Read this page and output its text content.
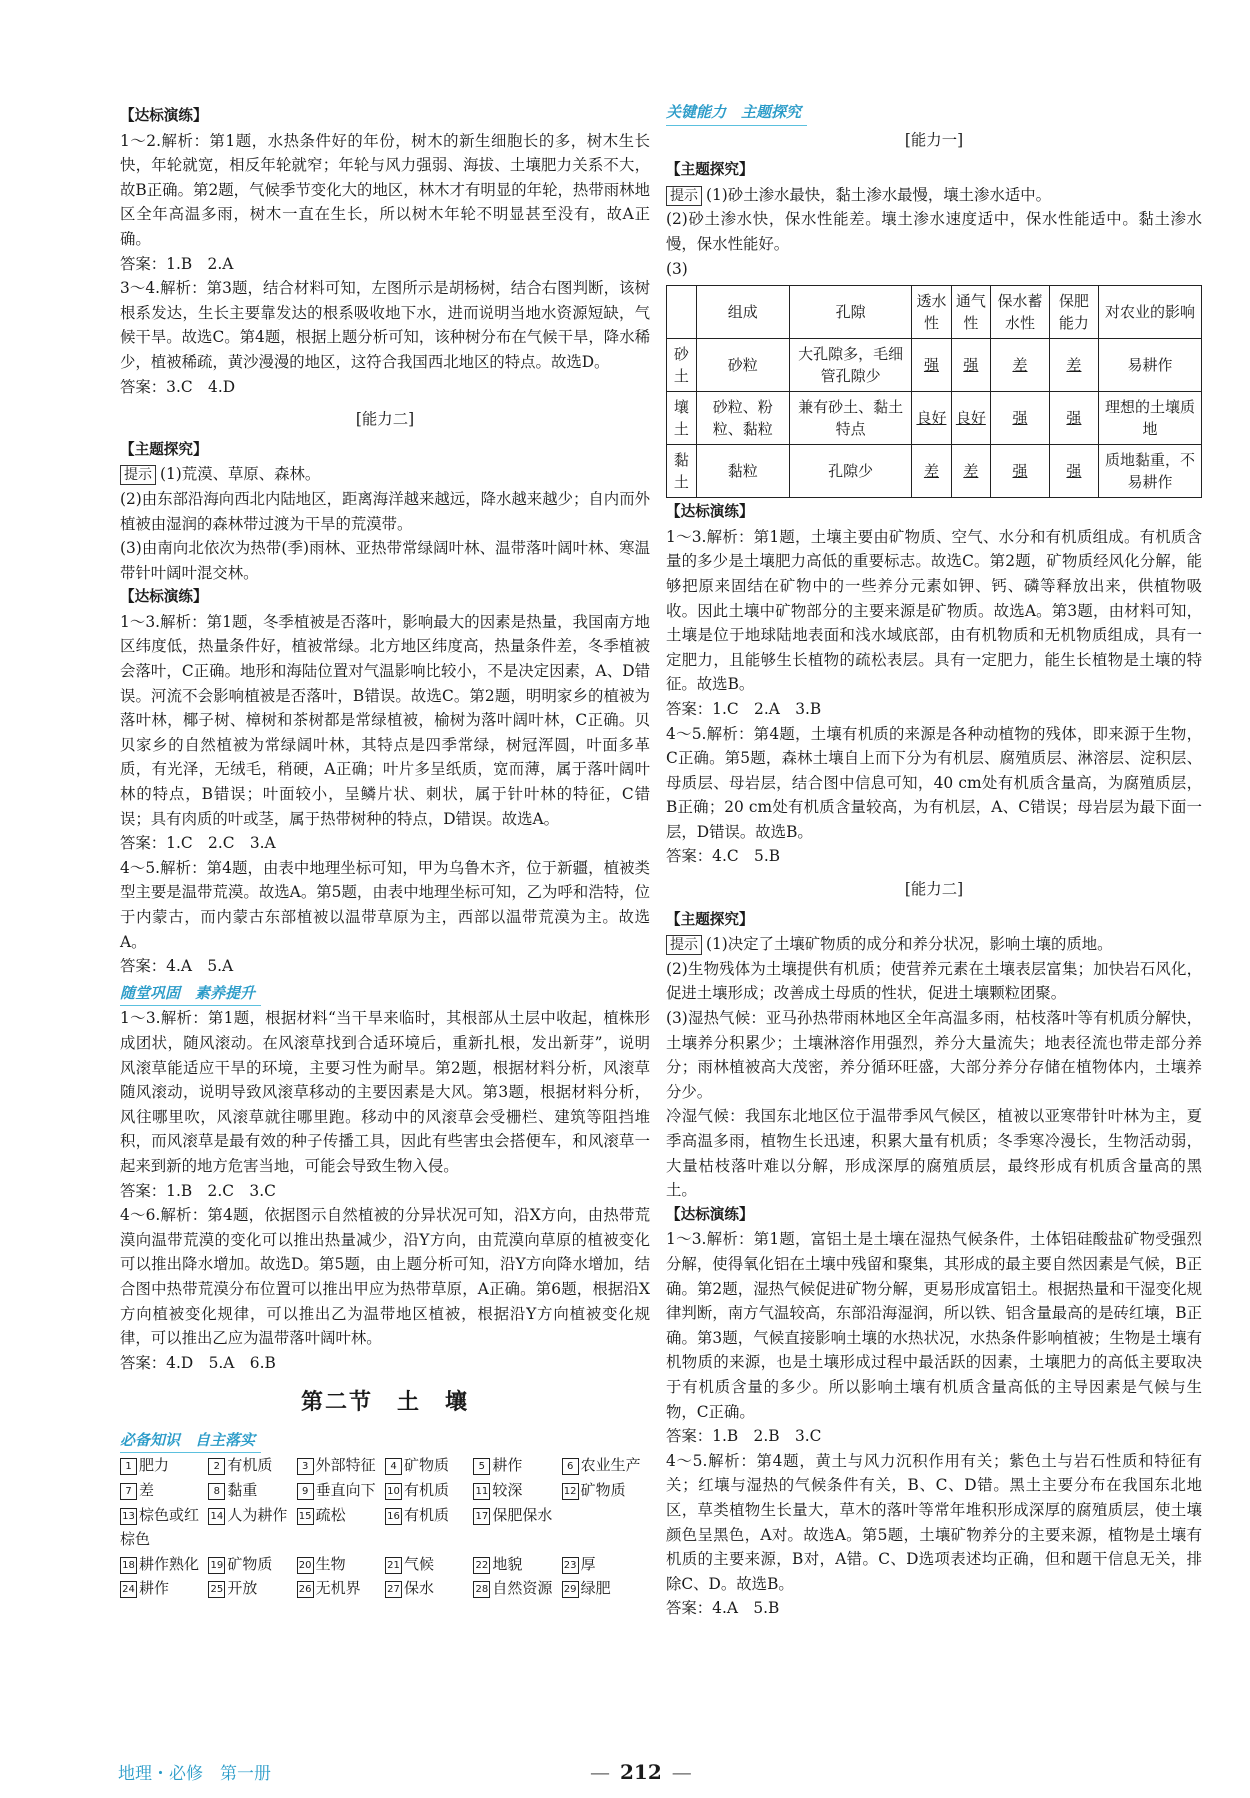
【达标演练】

1～2.解析：第1题，水热条件好的年份，树木的新生细胞长的多，树木生长快，年轮就宽，相反年轮就窄；年轮与风力强弱、海拔、土壤肥力关系不大，故B正确。第2题，气候季节变化大的地区，林木才有明显的年轮，热带雨林地区全年高温多雨，树木一直在生长，所以树木年轮不明显甚至没有，故A正确。

答案：1.B　2.A

3～4.解析：第3题，结合材料可知，左图所示是胡杨树，结合右图判断，该树根系发达，生长主要靠发达的根系吸收地下水，进而说明当地水资源短缺，气候干旱。故选C。第4题，根据上题分析可知，该种树分布在气候干旱，降水稀少，植被稀疏，黄沙漫漫的地区，这符合我国西北地区的特点。故选D。

答案：3.C　4.D

[能力二]

【主题探究】

提示 (1)荒漠、草原、森林。

(2)由东部沿海向西北内陆地区，距离海洋越来越远，降水越来越少；自内而外植被由湿润的森林带过渡为干旱的荒漠带。

(3)由南向北依次为热带(季)雨林、亚热带常绿阔叶林、温带落叶阔叶林、寒温带针叶阔叶混交林。

【达标演练】

1～3.解析：第1题，冬季植被是否落叶，影响最大的因素是热量，我国南方地区纬度低，热量条件好，植被常绿。北方地区纬度高，热量条件差，冬季植被会落叶，C正确。地形和海陆位置对气温影响比较小，不是决定因素，A、D错误。河流不会影响植被是否落叶，B错误。故选C。第2题，明明家乡的植被为落叶林，椰子树、樟树和茶树都是常绿植被，榆树为落叶阔叶林，C正确。贝贝家乡的自然植被为常绿阔叶林，其特点是四季常绿，树冠浑圆，叶面多革质，有光泽，无绒毛，稍硬，A正确；叶片多呈纸质，宽而薄，属于落叶阔叶林的特点，B错误；叶面较小，呈鳞片状、刺状，属于针叶林的特征，C错误；具有肉质的叶或茎，属于热带树种的特点，D错误。故选A。

答案：1.C　2.C　3.A

4～5.解析：第4题，由表中地理坐标可知，甲为乌鲁木齐，位于新疆，植被类型主要是温带荒漠。故选A。第5题，由表中地理坐标可知，乙为呼和浩特，位于内蒙古，而内蒙古东部植被以温带草原为主，西部以温带荒漠为主。故选A。

答案：4.A　5.A

随堂巩固　素养提升

1～3.解析：第1题，根据材料“当干旱来临时，其根部从土层中收起，植株形成团状，随风滚动。在风滚草找到合适环境后，重新扎根，发出新芽”，说明风滚草能适应干旱的环境，主要习性为耐旱。第2题，根据材料分析，风滚草随风滚动，说明导致风滚草移动的主要因素是大风。第3题，根据材料分析，风往哪里吹，风滚草就往哪里跑。移动中的风滚草会受栅栏、建筑等阻挡堆积，而风滚草是最有效的种子传播工具，因此有些害虫会搭便车，和风滚草一起来到新的地方危害当地，可能会导致生物入侵。

答案：1.B　2.C　3.C

4～6.解析：第4题，依据图示自然植被的分异状况可知，沿X方向，由热带荒漠向温带荒漠的变化可以推出热量减少，沿Y方向，由荒漠向草原的植被变化可以推出降水增加。故选D。第5题，由上题分析可知，沿Y方向降水增加，结合图中热带荒漠分布位置可以推出甲应为热带草原，A正确。第6题，根据沿X方向植被变化规律，可以推出乙为温带地区植被，根据沿Y方向植被变化规律，可以推出乙应为温带落叶阔叶林。

答案：4.D　5.A　6.B

第二节　土　壤

必备知识　自主落实

1 肥力	2 有机质	3 外部特征	4 矿物质	5 耕作	6 农业生产
7 差	8 黏重	9 垂直向下	10 有机质	11 较深	12 矿物质
13 棕色或红棕色
14 人为耕作	15 疏松	16 有机质	17 保肥保水
18 耕作熟化	19 矿物质	20 生物	21 气候	22 地貌	23 厚
24 耕作	25 开放	26 无机界	27 保水	28 自然资源	29 绿肥

关键能力　主题探究

[能力一]

【主题探究】

提示 (1)砂土渗水最快，黏土渗水最慢，壤土渗水适中。

(2)砂土渗水快，保水性能差。壤土渗水速度适中，保水性能适中。黏土渗水慢，保水性能好。

(3)

	组成	孔隙	透水性	通气性	保水蓄水性	保肥能力	对农业的影响
砂土	砂粒	大孔隙多，毛细管孔隙少	强	强	差	差	易耕作
壤土	砂粒、粉粒、黏粒	兼有砂土、黏土特点	良好	良好	强	强	理想的土壤质地
黏土	黏粒	孔隙少	差	差	强	强	质地黏重，不易耕作

【达标演练】

1～3.解析：第1题，土壤主要由矿物质、空气、水分和有机质组成。有机质含量的多少是土壤肥力高低的重要标志。故选C。第2题，矿物质经风化分解，能够把原来固结在矿物中的一些养分元素如钾、钙、磷等释放出来，供植物吸收。因此土壤中矿物部分的主要来源是矿物质。故选A。第3题，由材料可知，土壤是位于地球陆地表面和浅水域底部，由有机物质和无机物质组成，具有一定肥力，且能够生长植物的疏松表层。具有一定肥力，能生长植物是土壤的特征。故选B。

答案：1.C　2.A　3.B

4～5.解析：第4题，土壤有机质的来源是各种动植物的残体，即来源于生物，C正确。第5题，森林土壤自上而下分为有机层、腐殖质层、淋溶层、淀积层、母质层、母岩层，结合图中信息可知，40 cm处有机质含量高，为腐殖质层，B正确；20 cm处有机质含量较高，为有机层，A、C错误；母岩层为最下面一层，D错误。故选B。

答案：4.C　5.B

[能力二]

【主题探究】

提示 (1)决定了土壤矿物质的成分和养分状况，影响土壤的质地。

(2)生物残体为土壤提供有机质；使营养元素在土壤表层富集；加快岩石风化，促进土壤形成；改善成土母质的性状，促进土壤颗粒团聚。

(3)湿热气候：亚马孙热带雨林地区全年高温多雨，枯枝落叶等有机质分解快，土壤养分积累少；土壤淋溶作用强烈，养分大量流失；地表径流也带走部分养分；雨林植被高大茂密，养分循环旺盛，大部分养分存储在植物体内，土壤养分少。

冷湿气候：我国东北地区位于温带季风气候区，植被以亚寒带针叶林为主，夏季高温多雨，植物生长迅速，积累大量有机质；冬季寒冷漫长，生物活动弱，大量枯枝落叶难以分解，形成深厚的腐殖质层，最终形成有机质含量高的黑土。

【达标演练】

1～3.解析：第1题，富铝土是土壤在湿热气候条件，土体铝硅酸盐矿物受强烈分解，使得氧化铝在土壤中残留和聚集，其形成的最主要自然因素是气候，B正确。第2题，湿热气候促进矿物分解，更易形成富铝土。根据热量和干湿变化规律判断，南方气温较高，东部沿海湿润，所以铁、铝含量最高的是砖红壤，B正确。第3题，气候直接影响土壤的水热状况，水热条件影响植被；生物是土壤有机物质的来源，也是土壤形成过程中最活跃的因素，土壤肥力的高低主要取决于有机质含量的多少。所以影响土壤有机质含量高低的主导因素是气候与生物，C正确。

答案：1.B　2.B　3.C

4～5.解析：第4题，黄土与风力沉积作用有关；紫色土与岩石性质和特征有关；红壤与湿热的气候条件有关，B、C、D错。黑土主要分布在我国东北地区，草类植物生长量大，草木的落叶等常年堆积形成深厚的腐殖质层，使土壤颜色呈黑色，A对。故选A。第5题，土壤矿物养分的主要来源，植物是土壤有机质的主要来源，B对，A错。C、D选项表述均正确，但和题干信息无关，排除C、D。故选B。

答案：4.A　5.B

地理・必修　第一册	— 212 —
